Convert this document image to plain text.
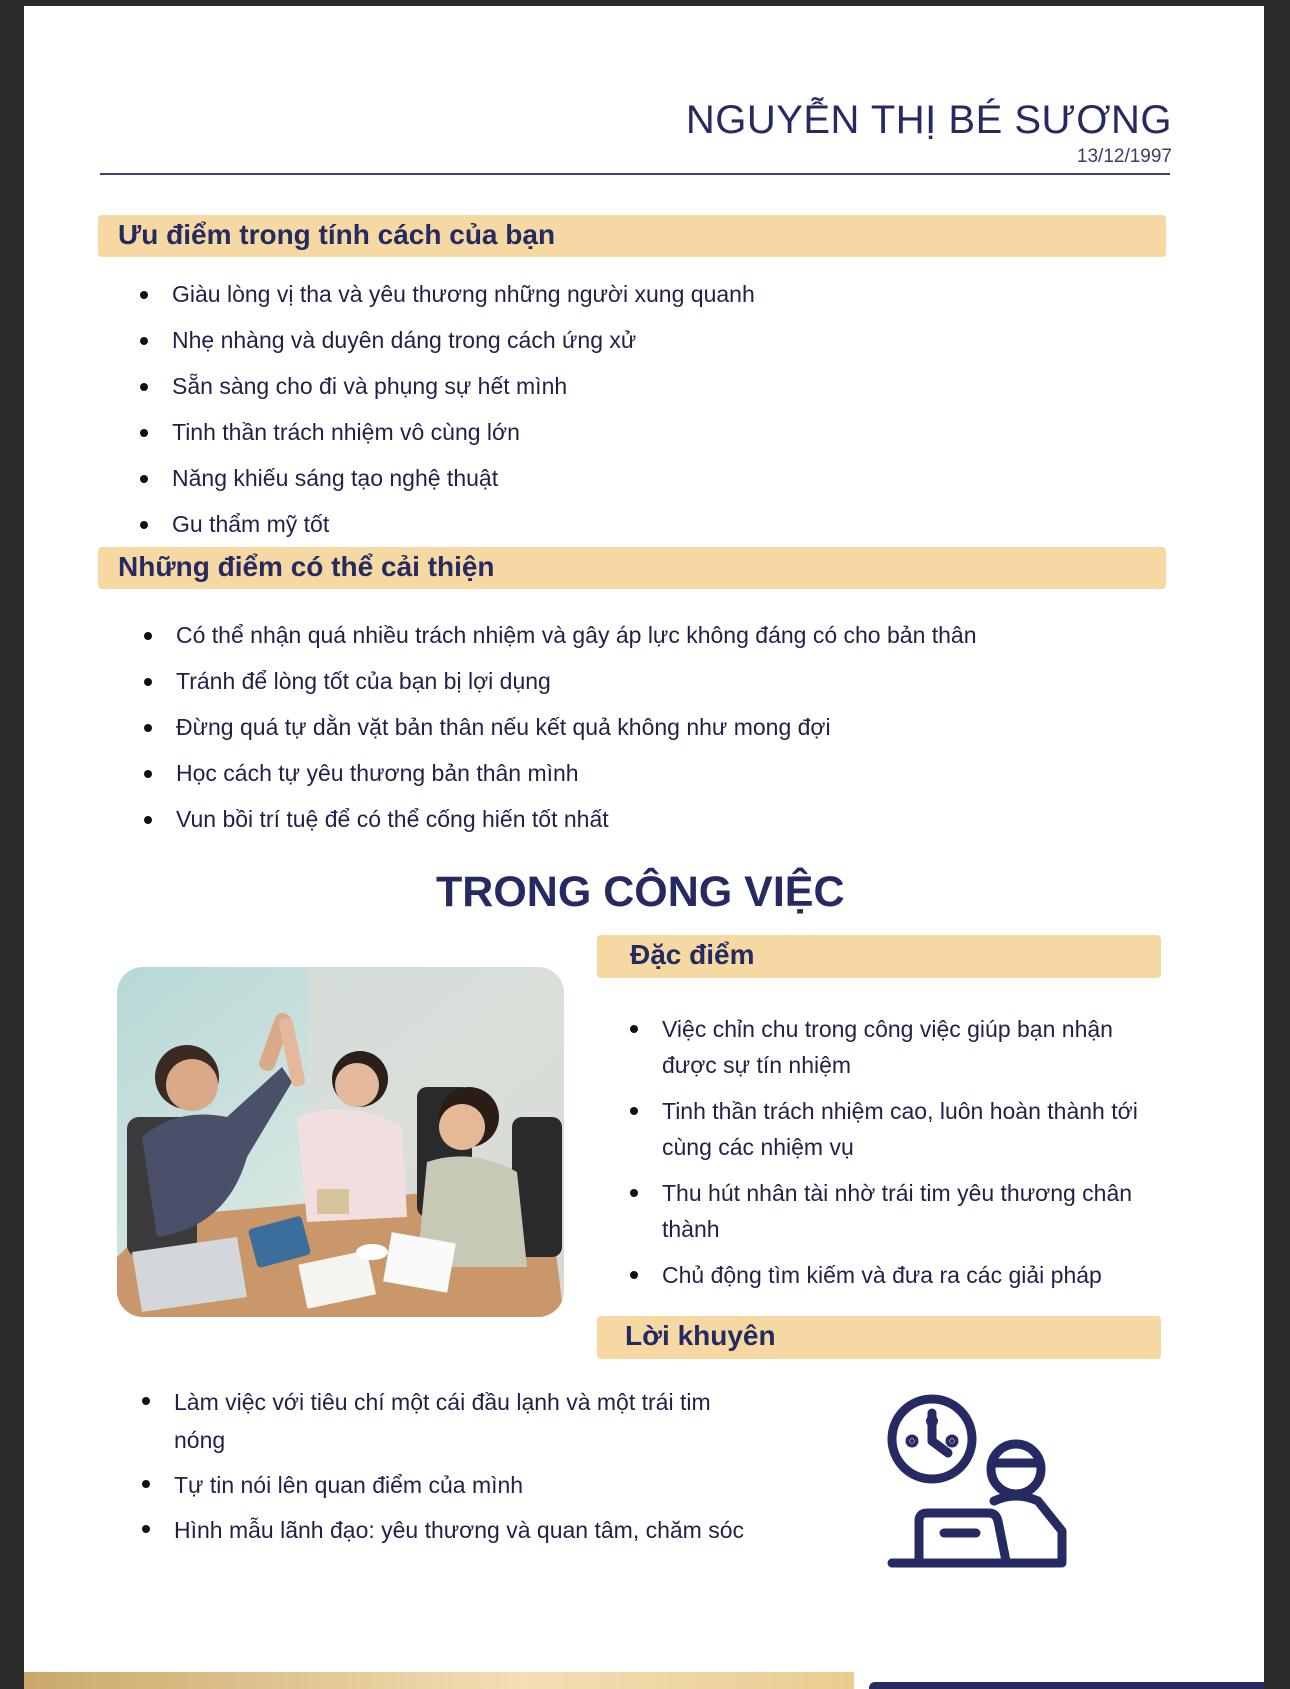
NGUYỄN THỊ BÉ SƯƠNG
13/12/1997
Ưu điểm trong tính cách của bạn
Giàu lòng vị tha và yêu thương những người xung quanh
Nhẹ nhàng và duyên dáng trong cách ứng xử
Sẵn sàng cho đi và phụng sự hết mình
Tinh thần trách nhiệm vô cùng lớn
Năng khiếu sáng tạo nghệ thuật
Gu thẩm mỹ tốt
Những điểm có thể cải thiện
Có thể nhận quá nhiều trách nhiệm và gây áp lực không đáng có cho bản thân
Tránh để lòng tốt của bạn bị lợi dụng
Đừng quá tự dằn vặt bản thân nếu kết quả không như mong đợi
Học cách tự yêu thương bản thân mình
Vun bồi trí tuệ để có thể cống hiến tốt nhất
TRONG CÔNG VIỆC
Đặc điểm
Việc chỉn chu trong công việc giúp bạn nhận được sự tín nhiệm
Tinh thần trách nhiệm cao, luôn hoàn thành tới cùng các nhiệm vụ
Thu hút nhân tài nhờ trái tim yêu thương chân thành
Chủ động tìm kiếm và đưa ra các giải pháp
Lời khuyên
Làm việc với tiêu chí một cái đầu lạnh và một trái tim nóng
Tự tin nói lên quan điểm của mình
Hình mẫu lãnh đạo: yêu thương và quan tâm, chăm sóc
